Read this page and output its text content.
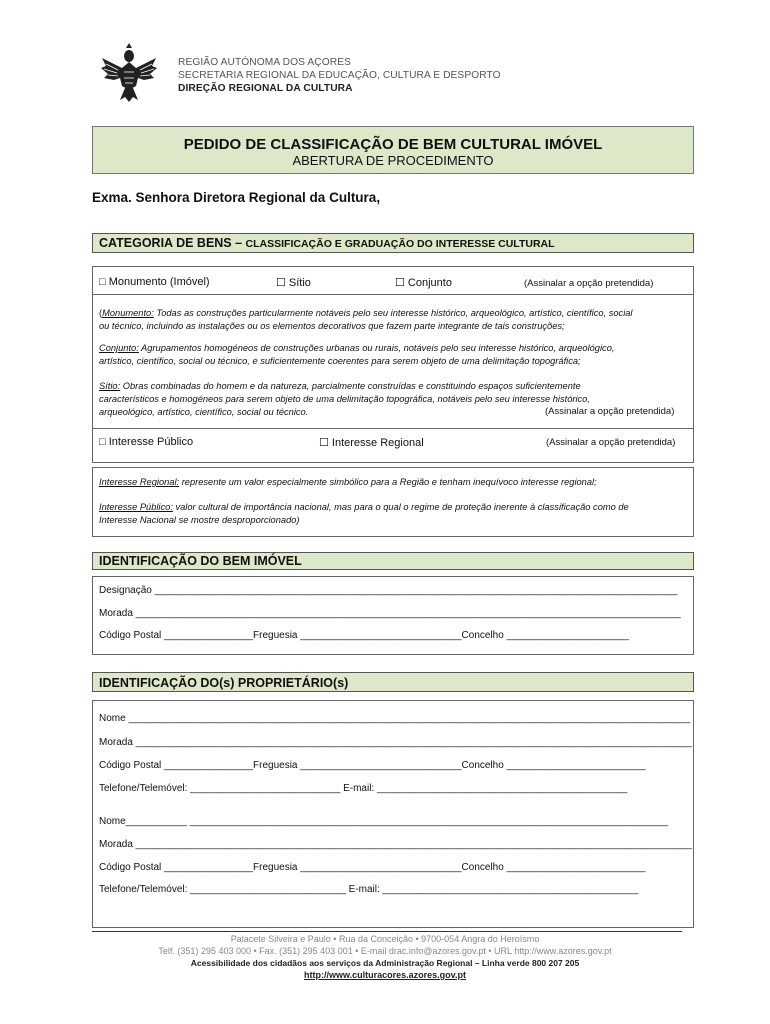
REGIÃO AUTÓNOMA DOS AÇORES
SECRETARIA REGIONAL DA EDUCAÇÃO, CULTURA E DESPORTO
DIREÇÃO REGIONAL DA CULTURA
PEDIDO DE CLASSIFICAÇÃO DE BEM CULTURAL IMÓVEL
ABERTURA DE PROCEDIMENTO
Exma. Senhora Diretora Regional da Cultura,
CATEGORIA DE BENS – CLASSIFICAÇÃO E GRADUAÇÃO DO INTERESSE CULTURAL
□ Monumento (Imóvel)	☐ Sítio	☐ Conjunto	(Assinalar a opção pretendida)
(Monumento: Todas as construções particularmente notáveis pelo seu interesse histórico, arqueológico, artístico, científico, social
ou técnico, incluindo as instalações ou os elementos decorativos que fazem parte integrante de tais construções;
Conjunto: Agrupamentos homogéneos de construções urbanas ou rurais, notáveis pelo seu interesse histórico, arqueológico,
artístico, científico, social ou técnico, e suficientemente coerentes para serem objeto de uma delimitação topográfica;
Sítio: Obras combinadas do homem e da natureza, parcialmente construídas e constituindo espaços suficientemente
característicos e homogéneos para serem objeto de uma delimitação topográfica, notáveis pelo seu interesse histórico,
arqueológico, artístico, científico, social ou técnico.	(Assinalar a opção pretendida)
□ Interesse Público	☐ Interesse Regional	(Assinalar a opção pretendida)
Interesse Regional: represente um valor especialmente simbólico para a Região e tenham inequívoco interesse regional;
Interesse Público: valor cultural de importância nacional, mas para o qual o regime de proteção inerente à classificação como de
Interesse Nacional se mostre desproporcionado)
IDENTIFICAÇÃO DO BEM IMÓVEL
Designação ______________________________________________________________________________________________
Morada __________________________________________________________________________________________________
Código Postal ________________Freguesia _____________________________Concelho ______________________
IDENTIFICAÇÃO DO(s) PROPRIETÁRIO(s)
Nome _____________________________________________________________________________________________________
Morada ____________________________________________________________________________________________________
Código Postal ________________Freguesia _____________________________Concelho _________________________
Telefone/Telemóvel: ___________________________ E-mail: _____________________________________________
Nome___________ ______________________________________________________________________________________
Morada ____________________________________________________________________________________________________
Código Postal ________________Freguesia _____________________________Concelho _________________________
Telefone/Telemóvel: ____________________________ E-mail: ______________________________________________
Palacete Silveira e Paulo • Rua da Conceição • 9700-054 Angra do Heroísmo
Telf. (351) 295 403 000 • Fax. (351) 295 403 001 • E-mail drac.info@azores.gov.pt • URL http://www.azores.gov.pt
Acessibilidade dos cidadãos aos serviços da Administração Regional – Linha verde 800 207 205
http://www.culturacores.azores.gov.pt
